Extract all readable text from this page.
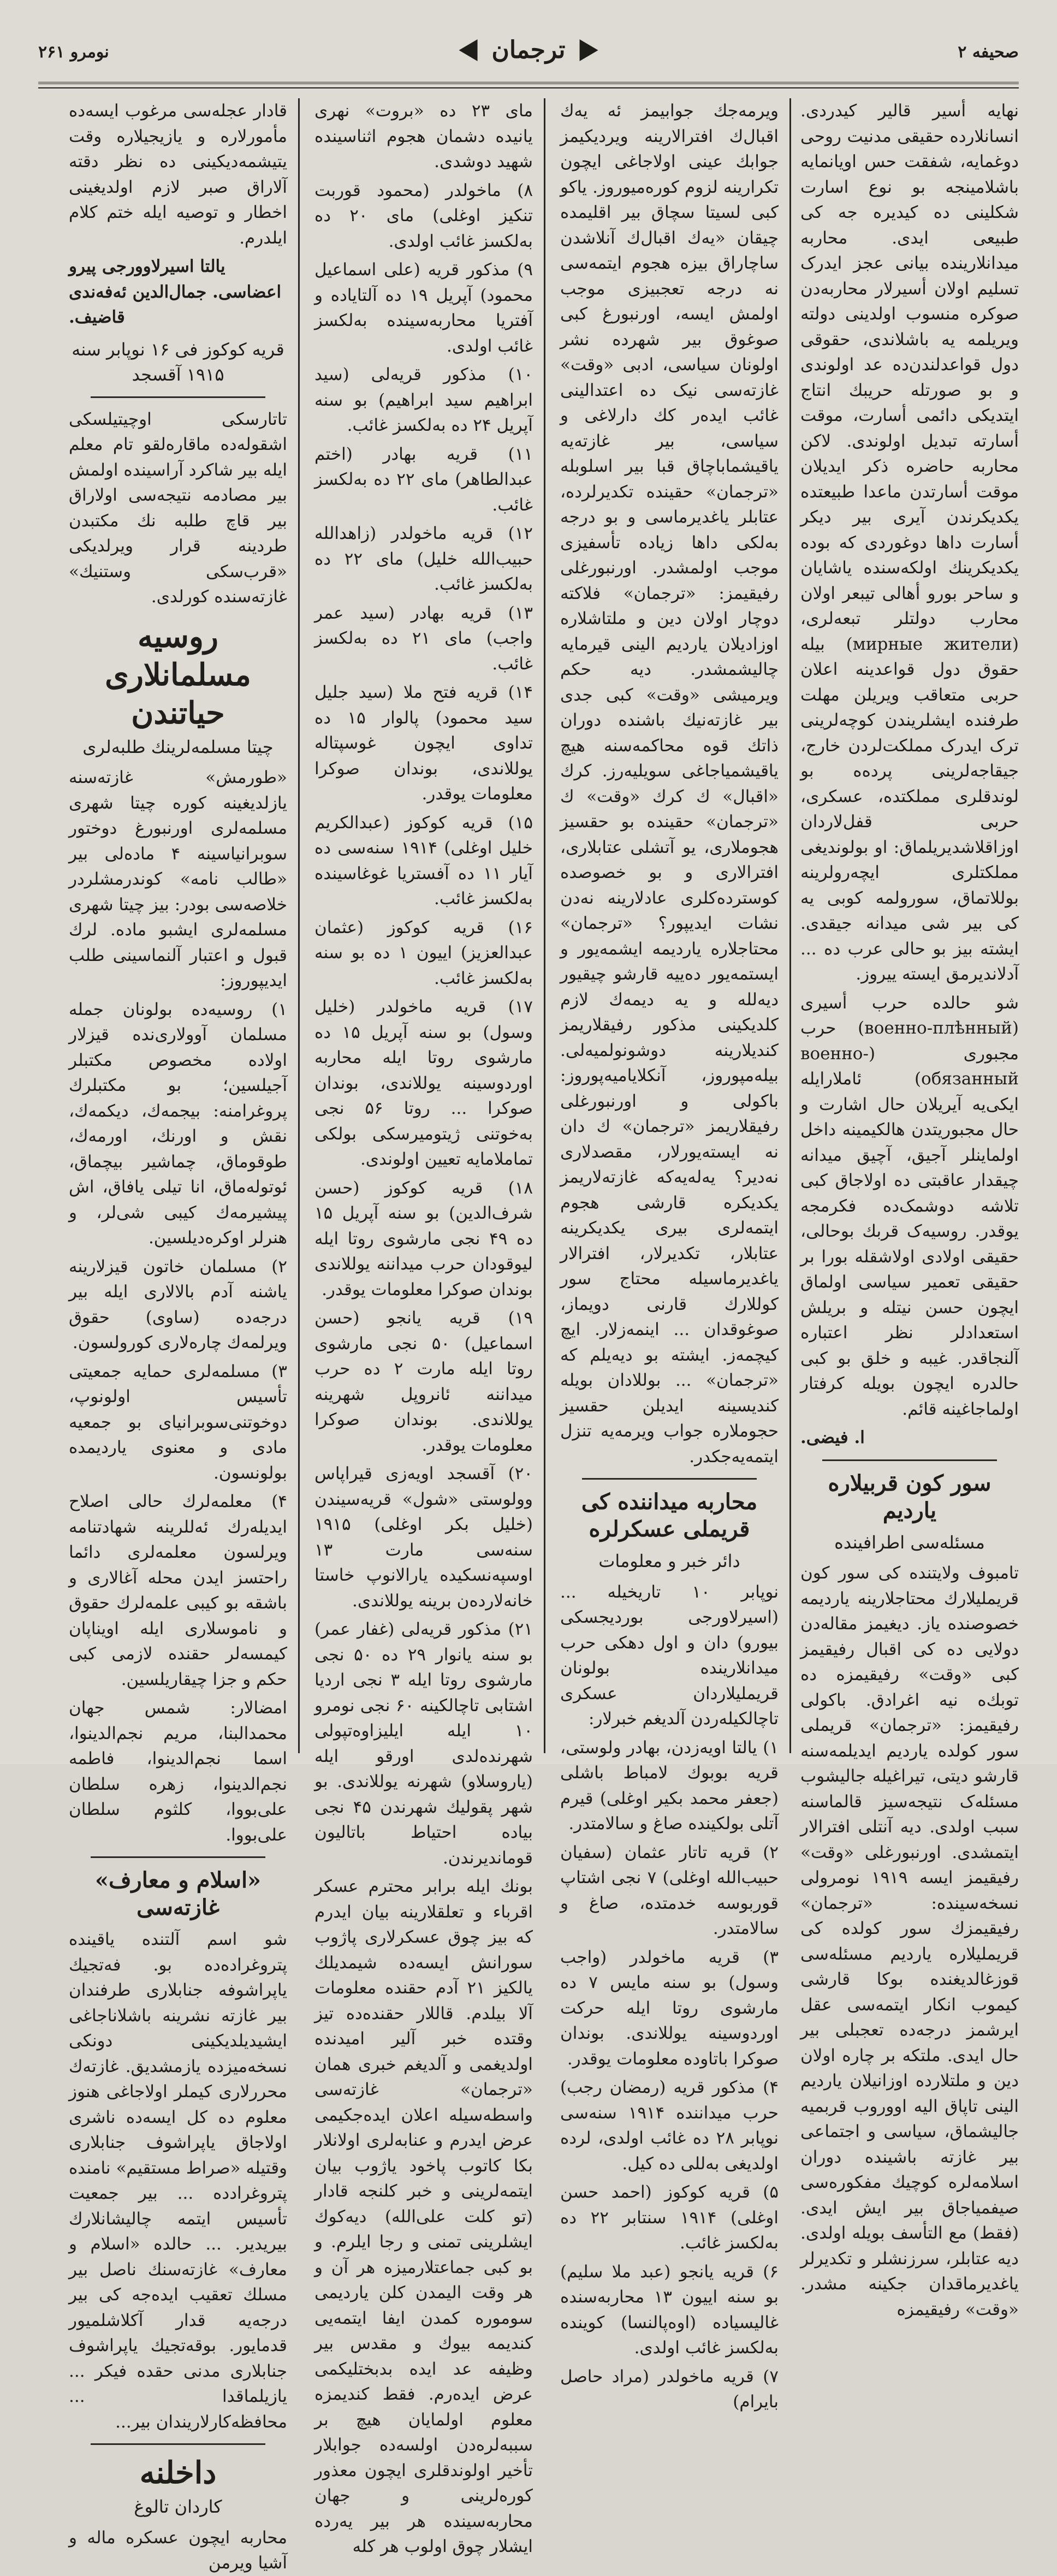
صحیفه ۲
ترجمان
نومرو ۲۶۱

نهایه أسیر قالیر کیدردی. انسانلارده حقیقی مدنیت روحی دوغمایه، شفقت حس اویانمایه باشلامینجه بو نوع اسارت شکلینی ده کیدیره جه کی طبیعی ایدی. محاربه میدانلارینده بیانی عجز ایدرک تسلیم اولان أسیرلار محاربه‌دن صوکره منسوب اولدینی دولته ویریلمه یه باشلاندی، حقوقی دول قواعد‌لندن‌ده عد اولوندی و بو صورتله حریبك انتاج ایتدیکی دائمی أسارت، موقت أسارته تبدیل اولوندی. لاکن محاربه حاضره ذکر ایدیلان موقت أسارتدن ماعدا طبیعتده یکدیکرندن آیری بیر دیکر أسارت داها دوغوردی که بوده یکدیکرینك اولکه‌سنده یاشایان و ساحر بورو أهالی تیبعر اولان محارب دولتلر تبعه‌لری، (мирные жители) بیله حقوق دول قواعدینه اعلان حربی متعاقب ویریلن مهلت طرفنده ایشلریندن کوچه‌لرینی ترک ایدرک مملکت‌لردن خارج، جیقاجه‌لرینی پرده‌ه بو لوندقلری مملکتده، عسکری، حربی قفل‌لاردان اوزاقلاشدیریلماق: او بولوندیغی مملکتلری ایچه‌رولرینه بوللاتماق، سورولمه کوبی یه کی بیر شی میدانه جیقدی. ایشته بیز بو حالی عرب ده ... آدلاندیرمق ایسته ییروز.

شو حالده حرب أسیری (военно-плѣнный) حرب مجبوری (военно-обязанный) ئاملارایله ایکی‌یه آیریلان حال اشارت و حال مجبوریتدن هالکیمینه داخل اولماینلر آجیق، آچیق میدانه چیقدار عاقبتی ده اولاجاق کبی تلاشه دوشمک‌ده فکرمجه یوقدر. روسیه‌ک قربك بوحالی، حقیقی اولادی اولاشقله بورا بر حقیقی تعمیر سیاسی اولماق ایچون حسن نیتله و بریلش استعدادلر نظر اعتباره آلنجاقدر. غیبه و خلق بو کبی حالدره ایچون بویله کرفتار اولماجاغینه قائم.

ا. فیضی.
سور کون قربیلاره یاردیم
مسئله‌سی اطرافینده

تامبوف ولایتنده کی سور کون قریملیلارك محتاجلارینه یاردیمه خصوصنده یاز. دیغیمز مقاله‌دن دولایی ده کی اقبال رفیقیمز کبی «وقت» رفیقیمزه ده توبك‌ه نیه اغرادق. باکولی رفیقیمز: «ترجمان» قریملی سور کولده یاردیم ایدیلمه‌سنه قارشو دیتی، تیراغیله جالیشوب مسئله‌ک نتیجه‌سیز قالماسنه سبب اولدی. دیه آنتلی افترالار ایتمشدی. اورنبورغلی «وقت» رفیقیمز ایسه ۱۹۱۹ نومرولی نسخه‌سینده: «ترجمان» رفیقیمزك سور کولده کی قریملیلاره یاردیم مسئله‌سی قوزغالدیغنده بوکا قارشی کیموب انکار ایتمه‌سی عقل ایرشمز درجه‌ده تعجبلی بیر حال ایدی. ملتکه بر چاره اولان دین و ملتلارده اوزانیلان یاردیم الینی تاپاق الیه اووروب قربمیه جالیشماق، سیاسی و اجتماعی بیر غازته باشینده دوران اسلامه‌لره کوچیك مفکوره‌سی صیفمیاجاق بیر ایش ایدی. (فقط) مع التأسف بویله اولدی. دیه عتابلر، سرزنشلر و تکدیرلر یاغدیرماقدان جکینه مشدر. «وقت» رفیقیمزه

ویرمه‌جك جوابیمز ئه ‌یه‌ك اقبال‌ك افترالارینه ویردیکیمز جوابك عینی اولاجاغی ایچون تکرارینه لزوم کوره‌میوروز. یاکو کبی لسیتا سچاق بیر اقلیمده چیقان «یه‌ك اقبال‌ك آنلاشدن ساچاراق بیزه هجوم ایتمه‌سی نه درجه تعجبیزی موجب اولمش ایسه، اورنبورغ کبی صوغوق بیر شهرده نشر اولونان سیاسی، ادبی «وقت» غازته‌سی نیک ده اعتدالینی غائب ایده‌ر كك دارلاغی و سیاسی، بیر غازته‌یه یاقیشما‌باچاق قبا بیر اسلوبله «ترجمان» حقینده تکدیرلرده، عتابلر یاغدیرماسی و بو درجه بەلکی داها زیاده تأسفیزی موجب اولمشدر. اورنبورغلی رفیقیمز: «ترجمان» فلاکته دوچار اولان دین و ملتاشلاره اوزادیلان یاردیم الینی قیرمایه چالیشمشدر. دیه حکم ویرمیشی «وقت» کبی جدی بیر غازته‌نیك باشنده دوران ذاتك قوه محاکمه‌سنه هیچ یاقیشمیاجاغی سویلیه‌رز. کرك «اقبال» ك کرك «وقت» ك «ترجمان» حقینده بو حقسیز هجوملاری، یو آتشلی عتابلاری، افترالاری و بو خصوصده کوسترده‌کلری عادلارینه نه‌دن نشات ایدیپور؟ «ترجمان» محتاجلاره یاردیمه ایشمه‌یور و ایستمه‌یور ده‌ییه قارشو چیقیور دیه‌لله و یه دیمه‌ك لازم کلدیکینی مذکور رفیقلاریمز کندیلارینه دوشونولمیه‌لی. بیله‌مپوروز، آنکلایامیه‌پوروز: باکولی و اورنبورغلی رفیقلاریمز «ترجمان» ك دان نه ایستەیورلار، مقصدلاری نه‌دیر؟ یه‌له‌یه‌کە غازته‌لاریمز یکدیکره قارشی هجوم ایتمه‌لری بیری یکدیکرینه عتابلار، تکدیرلار، افترالار یاغدیرماسیله محتاج سور کوللارك قارنی دویماز، صوغوقدان ... اینمه‌زلار. ایچ کیچمه‌ز. ایشته بو دیه‌یلم که «ترجمان» ... بوللادان بویله کندیسینه ایدیلن حقسیز حجوملاره جواب ویرمه‌یه تنزل ایتمه‌یه‌جکدر.

محاربه میداننده کی قریملی عسکرلره
دائر خبر و معلومات

نوپابر ۱۰ تاریخیله ... (اسیرلاورجی بوردیجسکی بیورو) دان و اول دهکی حرب میدانلارینده بولونان قریملیلاردان عسکری تاچالکیله‌ردن آلدیغم خبرلار:

۱) یالتا اویه‌زدن، بهادر ولوستی، قریه بوبوك لامباط باشلی (جعفر محمد بکیر اوغلی) قیرم آتلی بولکینده صاغ و سالامتدر.

۲) قریه تاتار عثمان (سفیان حبیب‌الله اوغلی) ۷ نجی اشتاپ قوربوسه خدمتده، صاغ و سالامتدر.

۳) قریه ماخولدر (واجب وسول) بو سنه مایس ۷ ده مارشوی روتا ایله حرکت اوردوسینه یوللاندی. بوندان صوکرا باتا‌وده معلومات یوقدر.

۴) مذکور قریه (رمضان رجب) حرب میداننده ۱۹۱۴ سنه‌سی نوپابر ۲۸ ده غائب اولدی، لرده اولدیغی بەللی ده کیل.

۵) قریه کوکوز (احمد حسن اوغلی) ۱۹۱۴ سنتابر ۲۲ ده بەلکسز غائب.

۶) قریه یانجو (عبد ملا سلیم) بو سنه اییون ۱۳ محاربه‌سنده غالیسیاده (اوه‌پالنسا) کوینده بەلکسز غائب اولدی.

۷) قریه ماخولدر (مراد حاصل بایرام)

مای ۲۳ ده «بروت» نهری یانیده دشمان هجوم اثناسینده شهید دوشدی.

۸) ماخولدر (محمود قوربت تنکیز اوغلی) مای ۲۰ ده بەلکسز غائب اولدی.

۹) مذکور قریه (علی اسماعیل محمود) آپریل ۱۹ ده آلتایاده و آفتریا محاربه‌سینده بەلکسز غائب اولدی.

۱۰) مذکور قریه‌لی (سید ابراهیم سید ابراهیم) بو سنه آپریل ۲۴ ده بەلکسز غائب.

۱۱) قریه بهادر (اختم عبدالطاهر) مای ۲۲ ده بەلکسز غائب.

۱۲) قریه ماخولدر (زاهدالله حبیب‌الله خلیل) مای ۲۲ ده بەلکسز غائب.

۱۳) قریه بهادر (سید عمر واجب) مای ۲۱ ده بەلکسز غائب.

۱۴) قریه فتح ملا (سید جلیل سید محمود) پالوار ۱۵ ده تداوی ایچون غوسپتاله یوللاندی، بوندان صوکرا معلومات یوقدر.

۱۵) قریه کوکوز (عبدالکریم خلیل اوغلی) ۱۹۱۴ سنه‌سی ده آیار ۱۱ ده آفستریا غوغاسینده بەلکسز غائب.

۱۶) قریه کوکوز (عثمان عبدالعزیز) اییون ۱ ده بو سنه بەلکسز غائب.

۱۷) قریه ماخولدر (خلیل وسول) بو سنه آپریل ۱۵ ده مارشوی روتا ایله محاربه اوردوسینه یوللاندی، بوندان صوکرا ... روتا ۵۶ نجی بەخوتنی ژیتومیرسکی بولکی تماملامایه تعیین اولوندی.

۱۸) قریه کوکوز (حسن شرف‌الدین) بو سنه آپریل ۱۵ ده ۴۹ نجی مارشوی روتا ایله لیوقودان حرب میداننه یوللاندی بوندان صوکرا معلومات یوقدر.

۱۹) قریه یانجو (حسن اسماعیل) ۵۰ نجی مارشوی روتا ایله مارت ۲ ده حرب میداننه ئانروپل شهرینه یوللاندی. بوندان صوکرا معلومات یوقدر.

۲۰) آقسجد اویه‌زی قیراپاس وولوستی «شول» قریه‌سیندن (خلیل بکر اوغلی) ۱۹۱۵ سنه‌سی مارت ۱۳ اوسپه‌نسکیده یارالانوپ خاستا خانه‌لارده‌ن برینه یوللاندی.

۲۱) مذکور قریه‌لی (غفار عمر) بو سنه یانوار ۲۹ ده ۵۰ نجی مارشوی روتا ایله ۳ نجی اردیا اشتابی تاچالکینه ۶۰ نجی نومرو ۱۰ ایله ایلیزاوه‌تپولی شهرنده‌لدی اورقو ایله (یاروسلاو) شهرنه یوللاندی. بو شهر پقولیك شهرندن ۴۵ نجی بیاده احتیاط باتالیون قوماندیرندن.

بونك ایله برابر محترم عسکر اقرباء و تعلقلارینه بیان ایدرم که بیز چوق عسکرلاری پاژوب سورانش ایسه‌ده شیمدیلك یالکیز ۲۱ آدم حقنده معلومات آلا بیلدم. قاللار حقنده‌ده تیز وقتده خبر آلیر امیدنده اولدیغمی و آلدیغم خبری همان «ترجمان» غازته‌سی واسطه‌سیله اعلان ایده‌جکیمی عرض ایدرم و عنابەلری اولانلار بکا کاتوب پاخود یاژوب بیان ایتمه‌لرینی و خبر کلنجه قادار (تو کلت علی‌الله) دیه‌کوك ایشلرینی تمنی و رجا ایلرم. و بو کبی جماعتلارمیزه هر آن و هر وقت الیمدن کلن یاردیمی سوموره کمدن ایفا ایتمه‌یی کندیمه بیوك و مقدس بیر وظیفه عد ایده‌ بدبختلیکمی عرض ایده‌رم. فقط کندیمزه معلوم اولمایان هیچ بر سببه‌لره‌دن اولسه‌ده جوابلار تأخیر اولوندقلری ایچون معذور کوره‌لرینی و جهان محاربه‌سینده هر بیر یه‌رده ایشلار چوق اولوب هر کله

قادار عجله‌سی مرغوب ایسه‌ده مأمورلاره و یازیجیلاره وقت یتیشمه‌دیکینی ده نظر دقته آلاراق صبر لازم اولدیغینی اخطار و توصیه ایله ختم کلام ایلدرم.

یالتا اسیرلاوورجی پیرو اعضاسی. جمال‌الدین ئه‌فه‌ندی قاضیف.

قریه کوکوز فی ۱۶ نوپابر سنه ۱۹۱۵ آقسجد

تاتارسکی اوچیتیلسکی اشقوله‌ده ماقاره‌لقو تام معلم ایله بیر شاکرد آراسینده اولمش بیر مصادمه نتیجه‌سی اولاراق بیر قاچ طلبه نك مکتبدن طرد‌ینه قرار ویرلدیکی «قرب‌سکی وستنیك» غازته‌سنده کورلدی.

روسیه مسلمانلاری حیاتندن
چیتا مسلمه‌لرینك طلبه‌لری

«طورمش» غازته‌سنه یازلدیغینه کوره چیتا شهری مسلمه‌لری اورنبورغ دوختور سوبرانیاسینه ۴ ماده‌لی بیر «طالب نامه» کوندرمشلردر خلاصه‌سی بودر: بیز چیتا شهری مسلمه‌لری ایشبو ماده. لرك قبول و اعتبار آلنماسینی طلب ایدیپوروز:

۱) روسیه‌ده بولونان جمله مسلمان آوولاری‌نده قیزلار اولاده مخصوص مکتبلر آجیلسین؛ بو مکتبلرك پروغرامنه: بیجمه‌ك، دیکمه‌ك، نقش و اورنك، اورمه‌ك، طوقوماق، چماشیر بیچماق، ئوتوله‌ماق، انا تیلی یافاق، اش پیشیرمه‌ك کیبی شی‌لر، و هنرلر اوکره‌دیلسین.

۲) مسلمان خاتون قیزلارینه یاشنه آدم بالالاری ایله بیر درجه‌ده (ساوی) حقوق ویرلمه‌ك چاره‌لاری کورولسون.

۳) مسلمه‌لری حمایه جمعیتی تأسیس اولونوپ، دوخوتنی‌سوبرانیای بو جمعیه مادی و معنوی یاردیمده بولونسون.

۴) معلمه‌لرك حالی اصلاح ایدیله‌رك ئه‌للرینه شهادتنامه ویرلسون معلمه‌لری دائما راحتسز ایدن محله آغالاری و باشقه بو کیبی علمه‌لرك حقوق و ناموسلاری ایله اویناپان کیمسه‌لر حقنده لازمی کبی حکم و جزا چیقاریلسین.

امضالار: شمس جهان محمدالبنا، مریم نجم‌الدینوا، اسما نجم‌الدینوا، فاطمه نجم‌الدینوا، زهره سلطان علی‌بووا، کلثوم سلطان علی‌بووا.

«اسلام و معارف» غازته‌سی

شو اسم آلتنده یاقینده پتروغراده‌ده بو. فه‌تجیك یاپراشوفه جنابلاری طرفندان بیر غازته نشرینه باشلاناجاغی ایشیدیلدیکینی دونکی نسخه‌میزده یازمشدیق. غازته‌ك محررلاری کیملر اولاجاغی هنوز معلوم ده کل ایسه‌ده ناشری اولاجاق یاپراشوف جنابلاری وقتیله «صراط مستقیم» نامنده پتروغراد‌ده ... بیر جمعیت تأسیس ایتمه چالیشانلارك بیریدیر. ... حالده «اسلام و معارف» غازته‌سنك ناصل بیر مسلك تعقیب ایده‌جه کی بیر درجه‌یه قدار آکلاشلمیور قدمایور. بوقه‌تجیك یاپراشوف جنابلاری مدنی حقده فیکر ... یازیلماقدا ... محافظه‌کارلاریندان بیر...

داخلنه
کاردان تالوغ

محاربه ایچون عسکره ماله و آشیا ویرمن
